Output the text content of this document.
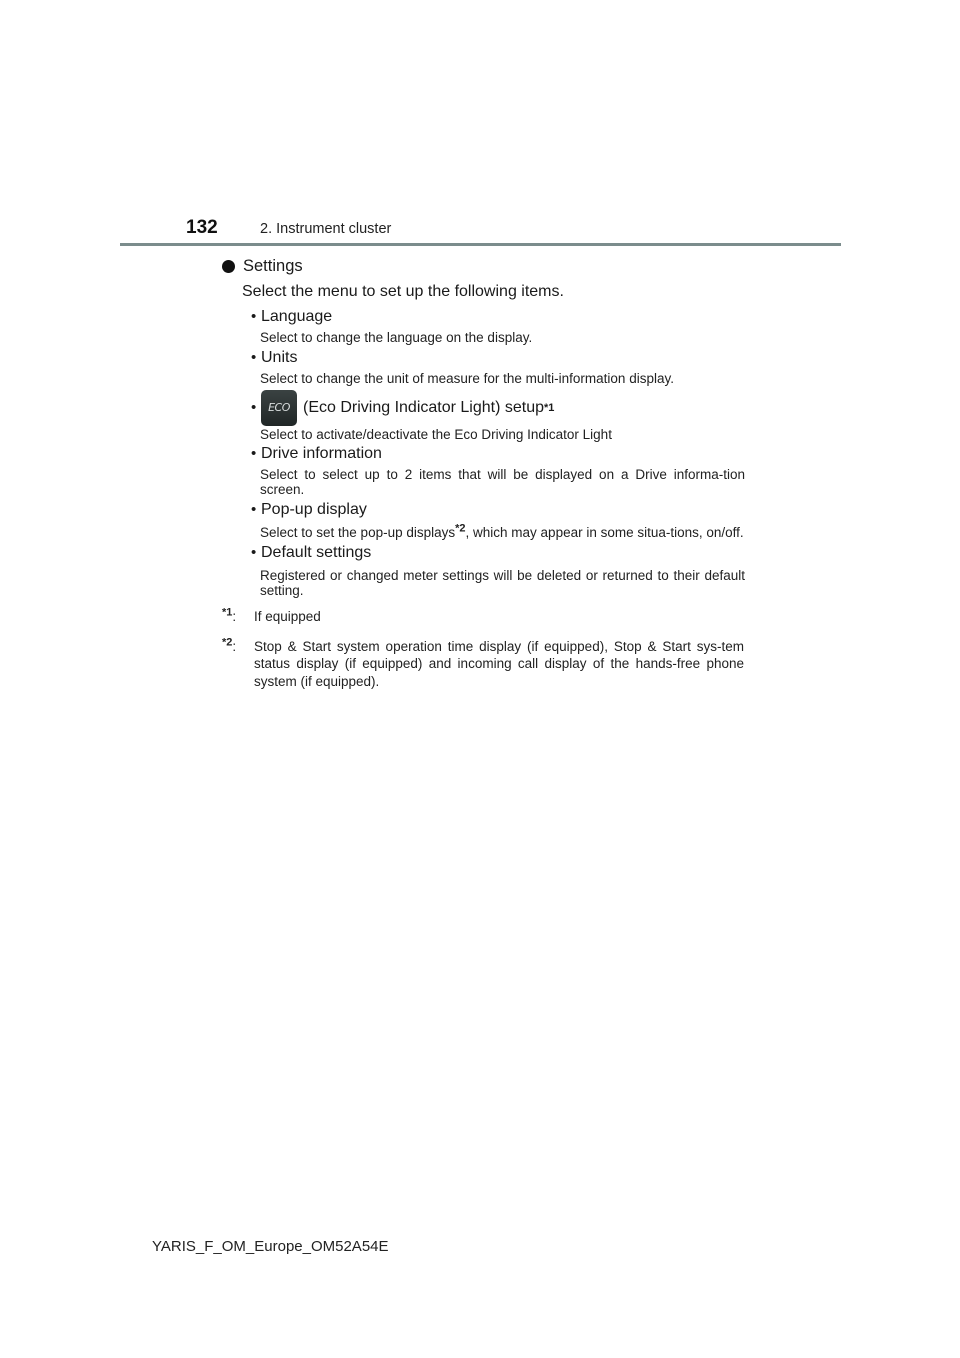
132	2. Instrument cluster
Settings
Select the menu to set up the following items.
• Language
Select to change the language on the display.
• Units
Select to change the unit of measure for the multi-information display.
•	ECO (Eco Driving Indicator Light) setup *1
Select to activate/deactivate the Eco Driving Indicator Light
• Drive information
Select to select up to 2 items that will be displayed on a Drive informa-tion screen.
• Pop-up display
Select to set the pop-up displays$^{*2}$, which may appear in some situa-tions, on/off.
• Default settings
Registered or changed meter settings will be deleted or returned to their default setting.
$^{*1}$:	If equipped
$^{*2}$:	Stop & Start system operation time display (if equipped), Stop & Start sys-tem status display (if equipped) and incoming call display of the hands-free phone system (if equipped).
YARIS_F_OM_Europe_OM52A54E
